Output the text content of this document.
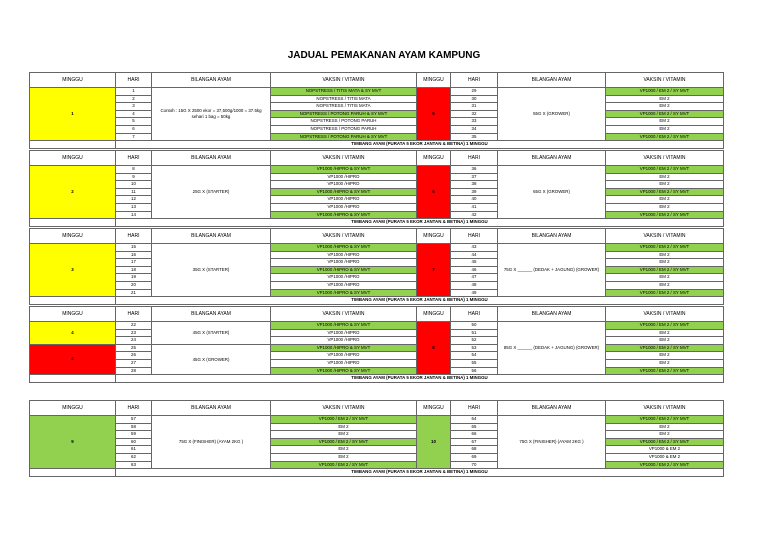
JADUAL PEMAKANAN AYAM KAMPUNG
MINGGU	HARI	BILANGAN AYAM	VAKSIN / VITAMIN	MINGGU	HARI	BILANGAN AYAM	VAKSIN / VITAMIN
1	1	Contoh : 15G X 2500 ekor = 37,500g/1000 = 37.5kg sehari 1 bag = 50kg	NOPSTRESS / TITIS MATA & SY MVT	5	29	55G X (GROWER)	VP1000 / EM 2 / SY MVT
	2		NOPSTRESS / TITIS MATA		30		EM 2
	3		NOPSTRESS / TITIS MATA		31		EM 2
	4		NOPSTRESS / POTONG PARUH & SY MVT		32		VP1000 / EM 2 / SY MVT
	5		NOPSTRESS / POTONG PARUH		33		EM 2
	6		NOPSTRESS / POTONG PARUH		34		EM 2
	7		NOPSTRESS / POTONG PARUH & SY MVT		35		VP1000 / EM 2 / SY MVT
	TIMBANG AYAM (PURATA 5 EKOR JANTAN & BETINA) 1 MINGGU						
MINGGU	HARI	BILANGAN AYAM	VAKSIN / VITAMIN	MINGGU	HARI	BILANGAN AYAM	VAKSIN / VITAMIN
2	8	25G X (STARTER)	VP1000 /HIPRO & SY MVT	6	36	65G X (GROWER)	VP1000 / EM 2 / SY MVT
	9		VP1000 /HIPRO		37		EM 2
	10		VP1000 /HIPRO		38		EM 2
	11		VP1000 /HIPRO & SY MVT		39		VP1000 / EM 2 / SY MVT
	12		VP1000 /HIPRO		40		EM 2
	13		VP1000 /HIPRO		41		EM 2
	14		VP1000 /HIPRO & SY MVT		42		VP1000 / EM 2 / SY MVT
	TIMBANG AYAM (PURATA 5 EKOR JANTAN & BETINA) 1 MINGGU						
MINGGU	HARI	BILANGAN AYAM	VAKSIN / VITAMIN	MINGGU	HARI	BILANGAN AYAM	VAKSIN / VITAMIN
3	15	35G X (STARTER)	VP1000 /HIPRO & SY MVT	7	43	75G X ______ (DEDAK + JAGUNG) (GROWER)	VP1000 / EM 2 / SY MVT
	16		VP1000 /HIPRO		44		EM 2
	17		VP1000 /HIPRO		45		EM 2
	18		VP1000 /HIPRO & SY MVT		46		VP1000 / EM 2 / SY MVT
	19		VP1000 /HIPRO		47		EM 2
	20		VP1000 /HIPRO		48		EM 2
	21		VP1000 /HIPRO & SY MVT		49		VP1000 / EM 2 / SY MVT
	TIMBANG AYAM (PURATA 5 EKOR JANTAN & BETINA) 1 MINGGU						
MINGGU	HARI	BILANGAN AYAM	VAKSIN / VITAMIN	MINGGU	HARI	BILANGAN AYAM	VAKSIN / VITAMIN
4	22	45G X (STARTER)	VP1000 /HIPRO & SY MVT	8	50	85G X ______ (DEDAK + JAGUNG) (GROWER)	VP1000 / EM 2 / SY MVT
	23		VP1000 /HIPRO		51		EM 2
	24		VP1000 /HIPRO		52		EM 2
4	25	45G X (GROWER)	VP1000 /HIPRO & SY MVT		53		VP1000 / EM 2 / SY MVT
	26		VP1000 /HIPRO		54		EM 2
	27		VP1000 /HIPRO		55		EM 2
	28		VP1000 /HIPRO & SY MVT		56		VP1000 / EM 2 / SY MVT
	TIMBANG AYAM (PURATA 5 EKOR JANTAN & BETINA) 1 MINGGU						
MINGGU	HARI	BILANGAN AYAM	VAKSIN / VITAMIN	MINGGU	HARI	BILANGAN AYAM	VAKSIN / VITAMIN
9	57	75G X (FINISHER) (AYAM 2KG )	VP1000 / EM 2 / SY MVT	10	64	75G X (FINISHER) (AYAM 2KG )	VP1000 / EM 2 / SY MVT
	58		EM 2		65		EM 2
	59		EM 2		66		EM 2
	60		VP1000 / EM 2 / SY MVT		67		VP1000 / EM 2 / SY MVT
	61		EM 2		68		VP1000 & EM 2
	62		EM 2		69		VP1000 & EM 2
	63		VP1000 / EM 2 / SY MVT		70		VP1000 / EM 2 / SY MVT
	TIMBANG AYAM (PURATA 5 EKOR JANTAN & BETINA) 1 MINGGU						
